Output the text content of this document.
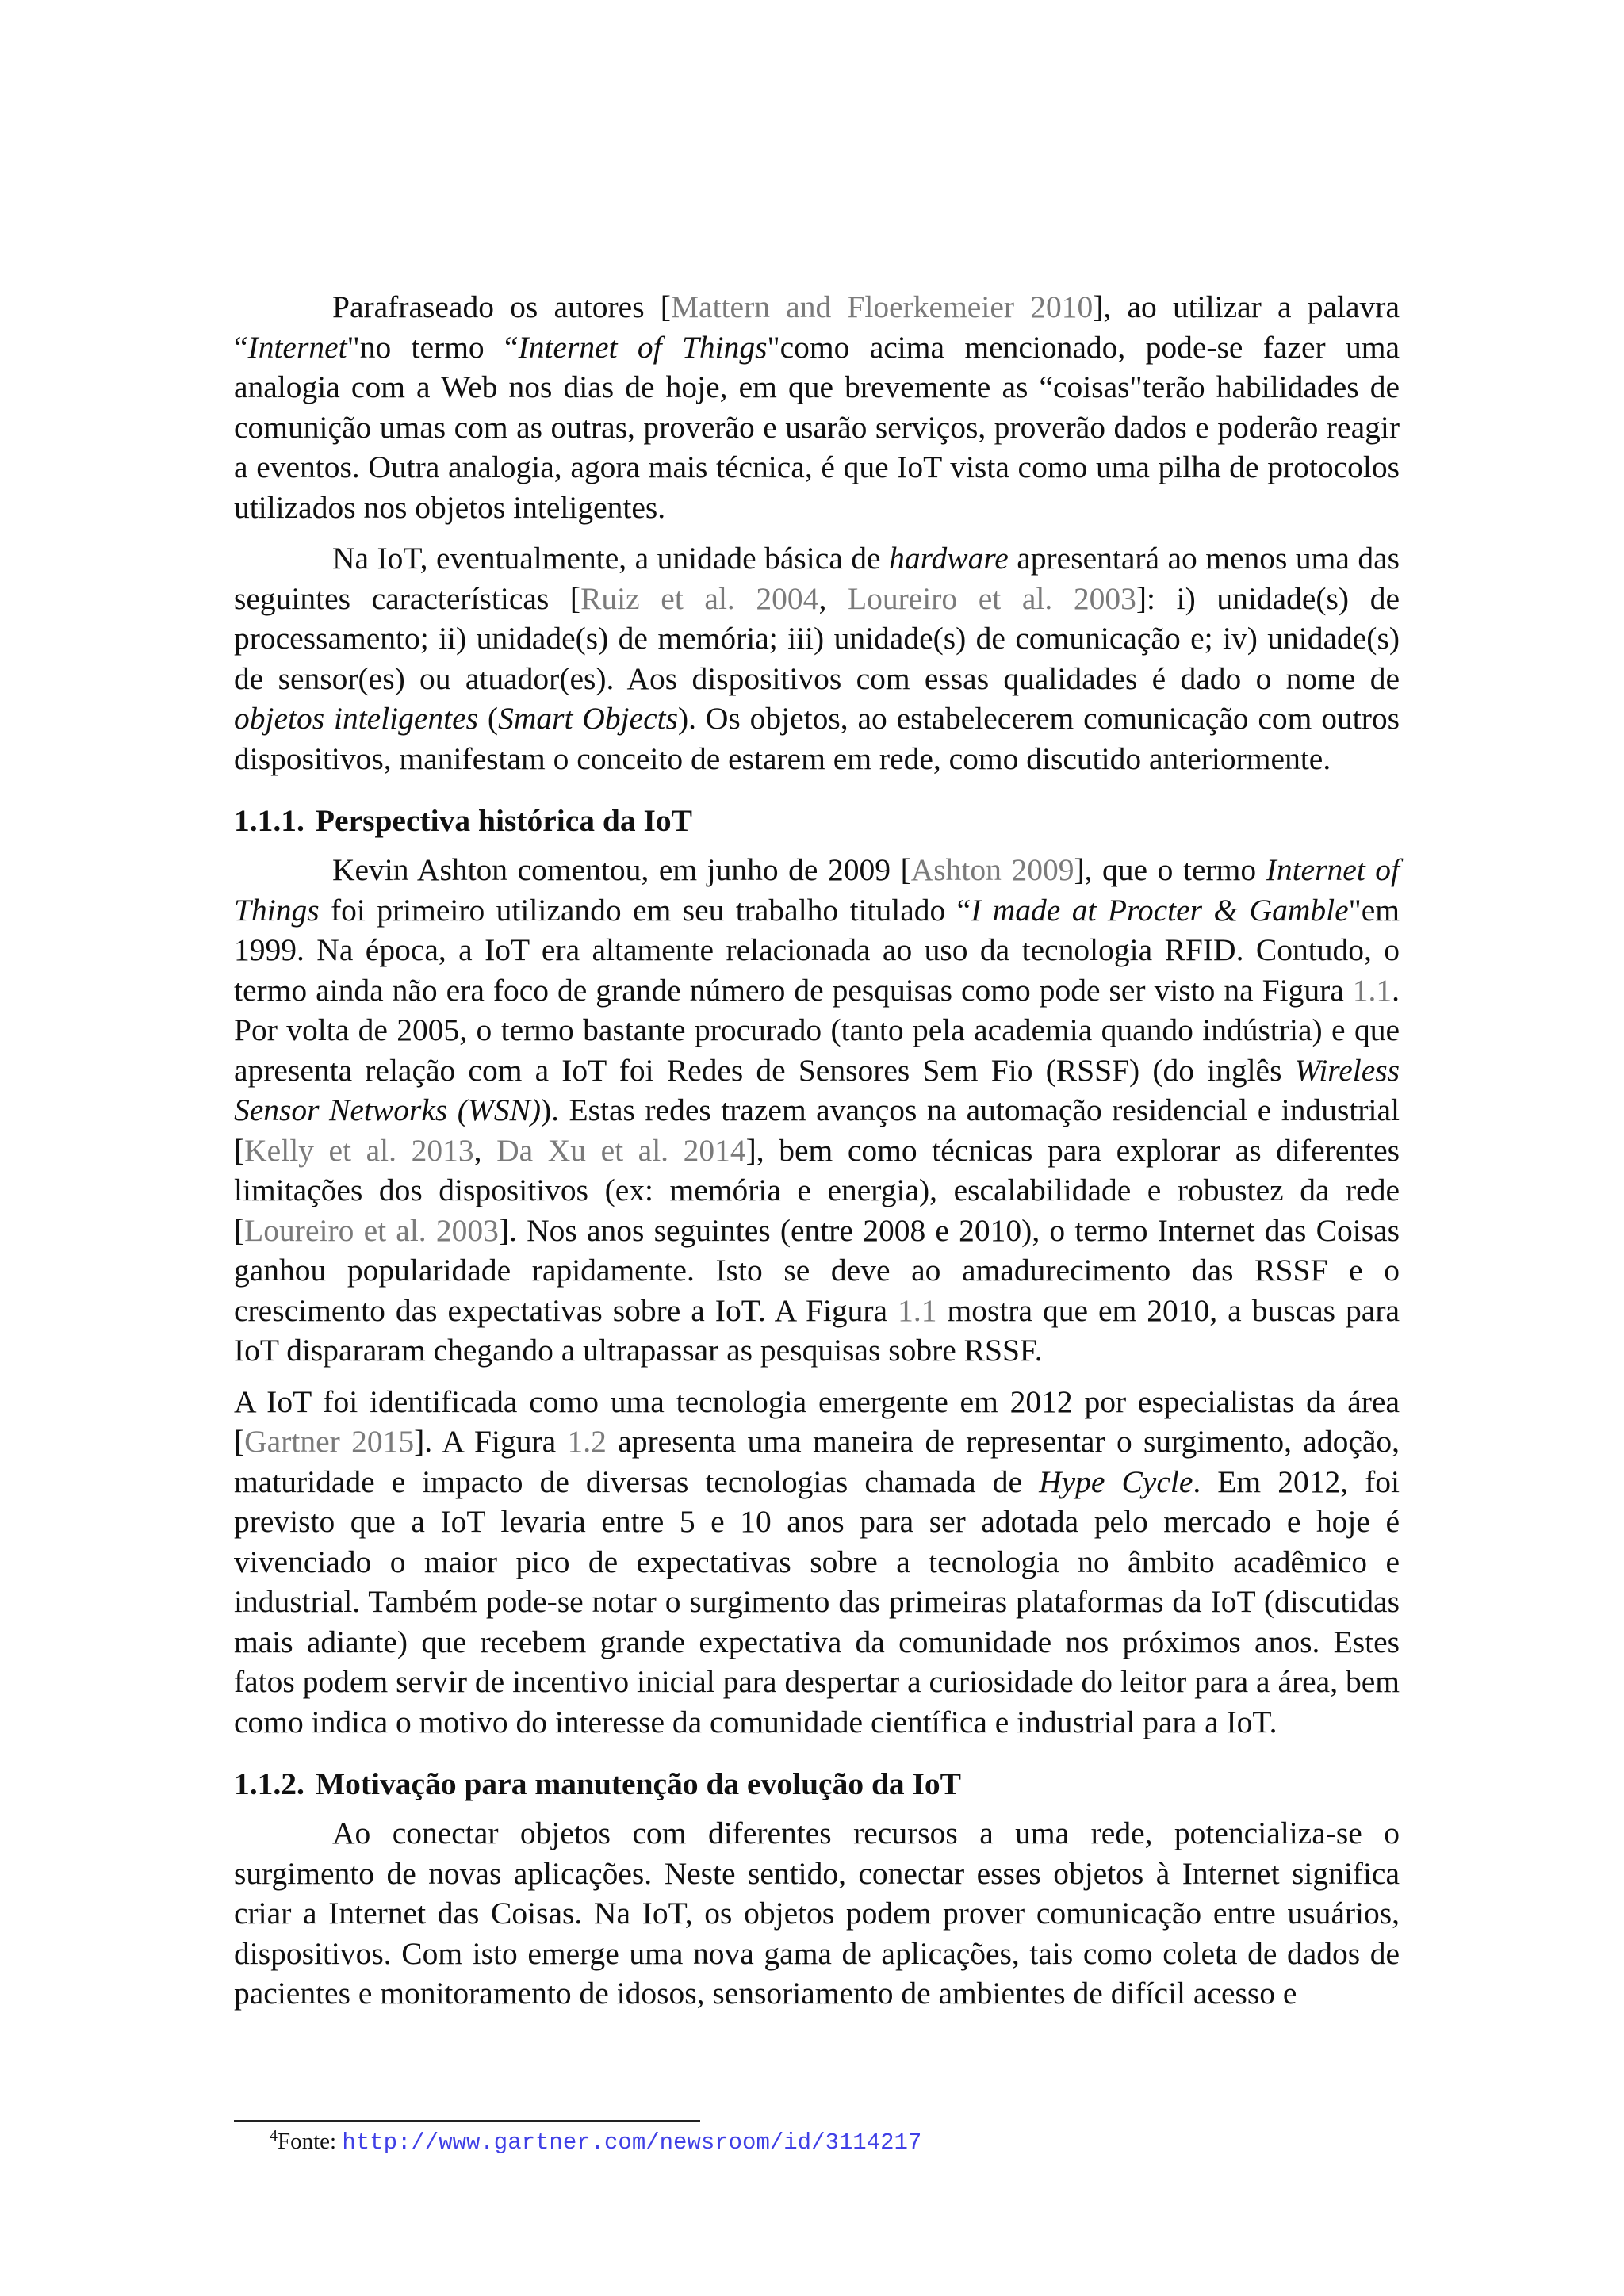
Parafraseado os autores [Mattern and Floerkemeier 2010], ao utilizar a palavra “Internet"no termo “Internet of Things"como acima mencionado, pode-se fazer uma analogia com a Web nos dias de hoje, em que brevemente as “coisas"terão habilidades de comunição umas com as outras, proverão e usarão serviços, proverão dados e poderão reagir a eventos. Outra analogia, agora mais técnica, é que IoT vista como uma pilha de protocolos utilizados nos objetos inteligentes.

Na IoT, eventualmente, a unidade básica de hardware apresentará ao menos uma das seguintes características [Ruiz et al. 2004, Loureiro et al. 2003]: i) unidade(s) de processamento; ii) unidade(s) de memória; iii) unidade(s) de comunicação e; iv) unidade(s) de sensor(es) ou atuador(es). Aos dispositivos com essas qualidades é dado o nome de objetos inteligentes (Smart Objects). Os objetos, ao estabelecerem comunicação com outros dispositivos, manifestam o conceito de estarem em rede, como discutido anteriormente.

1.1.1. Perspectiva histórica da IoT

Kevin Ashton comentou, em junho de 2009 [Ashton 2009], que o termo Internet of Things foi primeiro utilizando em seu trabalho titulado “I made at Procter & Gamble"em 1999. Na época, a IoT era altamente relacionada ao uso da tecnologia RFID. Contudo, o termo ainda não era foco de grande número de pesquisas como pode ser visto na Figura 1.1. Por volta de 2005, o termo bastante procurado (tanto pela academia quando indústria) e que apresenta relação com a IoT foi Redes de Sensores Sem Fio (RSSF) (do inglês Wireless Sensor Networks (WSN)). Estas redes trazem avanços na automação residencial e industrial [Kelly et al. 2013, Da Xu et al. 2014], bem como técnicas para explorar as diferentes limitações dos dispositivos (ex: memória e energia), escalabilidade e robustez da rede [Loureiro et al. 2003]. Nos anos seguintes (entre 2008 e 2010), o termo Internet das Coisas ganhou popularidade rapidamente. Isto se deve ao amadurecimento das RSSF e o crescimento das expectativas sobre a IoT. A Figura 1.1 mostra que em 2010, a buscas para IoT dispararam chegando a ultrapassar as pesquisas sobre RSSF.

A IoT foi identificada como uma tecnologia emergente em 2012 por especialistas da área [Gartner 2015]. A Figura 1.2 apresenta uma maneira de representar o surgimento, adoção, maturidade e impacto de diversas tecnologias chamada de Hype Cycle. Em 2012, foi previsto que a IoT levaria entre 5 e 10 anos para ser adotada pelo mercado e hoje é vivenciado o maior pico de expectativas sobre a tecnologia no âmbito acadêmico e industrial. Também pode-se notar o surgimento das primeiras plataformas da IoT (discutidas mais adiante) que recebem grande expectativa da comunidade nos próximos anos. Estes fatos podem servir de incentivo inicial para despertar a curiosidade do leitor para a área, bem como indica o motivo do interesse da comunidade científica e industrial para a IoT.

1.1.2. Motivação para manutenção da evolução da IoT

Ao conectar objetos com diferentes recursos a uma rede, potencializa-se o surgimento de novas aplicações. Neste sentido, conectar esses objetos à Internet significa criar a Internet das Coisas. Na IoT, os objetos podem prover comunicação entre usuários, dispositivos. Com isto emerge uma nova gama de aplicações, tais como coleta de dados de pacientes e monitoramento de idosos, sensoriamento de ambientes de difícil acesso e

$^4$Fonte: http://www.gartner.com/newsroom/id/3114217
